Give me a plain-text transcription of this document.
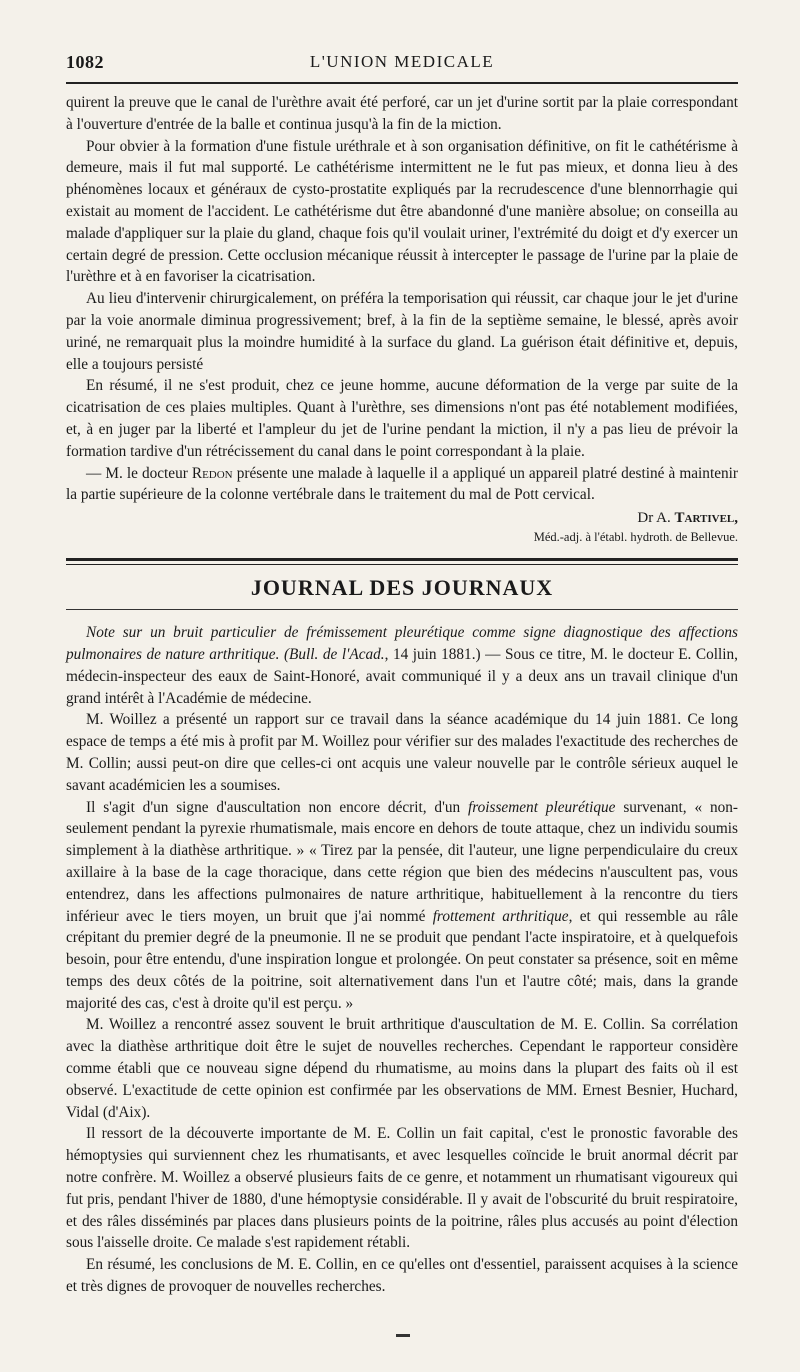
1082	L'UNION MEDICALE

quirent la preuve que le canal de l'urèthre avait été perforé, car un jet d'urine sortit par la plaie correspondant à l'ouverture d'entrée de la balle et continua jusqu'à la fin de la miction.

Pour obvier à la formation d'une fistule uréthrale et à son organisation définitive, on fit le cathétérisme à demeure, mais il fut mal supporté. Le cathétérisme intermittent ne le fut pas mieux, et donna lieu à des phénomènes locaux et généraux de cysto-prostatite expliqués par la recrudescence d'une blennorrhagie qui existait au moment de l'accident. Le cathétérisme dut être abandonné d'une manière absolue; on conseilla au malade d'appliquer sur la plaie du gland, chaque fois qu'il voulait uriner, l'extrémité du doigt et d'y exercer un certain degré de pression. Cette occlusion mécanique réussit à intercepter le passage de l'urine par la plaie de l'urèthre et à en favoriser la cicatrisation.

Au lieu d'intervenir chirurgicalement, on préféra la temporisation qui réussit, car chaque jour le jet d'urine par la voie anormale diminua progressivement; bref, à la fin de la septième semaine, le blessé, après avoir uriné, ne remarquait plus la moindre humidité à la surface du gland. La guérison était définitive et, depuis, elle a toujours persisté

En résumé, il ne s'est produit, chez ce jeune homme, aucune déformation de la verge par suite de la cicatrisation de ces plaies multiples. Quant à l'urèthre, ses dimensions n'ont pas été notablement modifiées, et, à en juger par la liberté et l'ampleur du jet de l'urine pendant la miction, il n'y a pas lieu de prévoir la formation tardive d'un rétrécissement du canal dans le point correspondant à la plaie.

— M. le docteur Redon présente une malade à laquelle il a appliqué un appareil platré destiné à maintenir la partie supérieure de la colonne vertébrale dans le traitement du mal de Pott cervical.

Dr A. Tartivel,
Méd.-adj. à l'établ. hydroth. de Bellevue.
JOURNAL DES JOURNAUX

Note sur un bruit particulier de frémissement pleurétique comme signe diagnostique des affections pulmonaires de nature arthritique. (Bull. de l'Acad., 14 juin 1881.) — Sous ce titre, M. le docteur E. Collin, médecin-inspecteur des eaux de Saint-Honoré, avait communiqué il y a deux ans un travail clinique d'un grand intérêt à l'Académie de médecine.

M. Woillez a présenté un rapport sur ce travail dans la séance académique du 14 juin 1881. Ce long espace de temps a été mis à profit par M. Woillez pour vérifier sur des malades l'exactitude des recherches de M. Collin; aussi peut-on dire que celles-ci ont acquis une valeur nouvelle par le contrôle sérieux auquel le savant académicien les a soumises.

Il s'agit d'un signe d'auscultation non encore décrit, d'un froissement pleurétique survenant, « non-seulement pendant la pyrexie rhumatismale, mais encore en dehors de toute attaque, chez un individu soumis simplement à la diathèse arthritique. » « Tirez par la pensée, dit l'auteur, une ligne perpendiculaire du creux axillaire à la base de la cage thoracique, dans cette région que bien des médecins n'auscultent pas, vous entendrez, dans les affections pulmonaires de nature arthritique, habituellement à la rencontre du tiers inférieur avec le tiers moyen, un bruit que j'ai nommé frottement arthritique, et qui ressemble au râle crépitant du premier degré de la pneumonie. Il ne se produit que pendant l'acte inspiratoire, et à quelquefois besoin, pour être entendu, d'une inspiration longue et prolongée. On peut constater sa présence, soit en même temps des deux côtés de la poitrine, soit alternativement dans l'un et l'autre côté; mais, dans la grande majorité des cas, c'est à droite qu'il est perçu. »

M. Woillez a rencontré assez souvent le bruit arthritique d'auscultation de M. E. Collin. Sa corrélation avec la diathèse arthritique doit être le sujet de nouvelles recherches. Cependant le rapporteur considère comme établi que ce nouveau signe dépend du rhumatisme, au moins dans la plupart des faits où il est observé. L'exactitude de cette opinion est confirmée par les observations de MM. Ernest Besnier, Huchard, Vidal (d'Aix).

Il ressort de la découverte importante de M. E. Collin un fait capital, c'est le pronostic favorable des hémoptysies qui surviennent chez les rhumatisants, et avec lesquelles coïncide le bruit anormal décrit par notre confrère. M. Woillez a observé plusieurs faits de ce genre, et notamment un rhumatisant vigoureux qui fut pris, pendant l'hiver de 1880, d'une hémoptysie considérable. Il y avait de l'obscurité du bruit respiratoire, et des râles disséminés par places dans plusieurs points de la poitrine, râles plus accusés au point d'élection sous l'aisselle droite. Ce malade s'est rapidement rétabli.

En résumé, les conclusions de M. E. Collin, en ce qu'elles ont d'essentiel, paraissent acquises à la science et très dignes de provoquer de nouvelles recherches.
